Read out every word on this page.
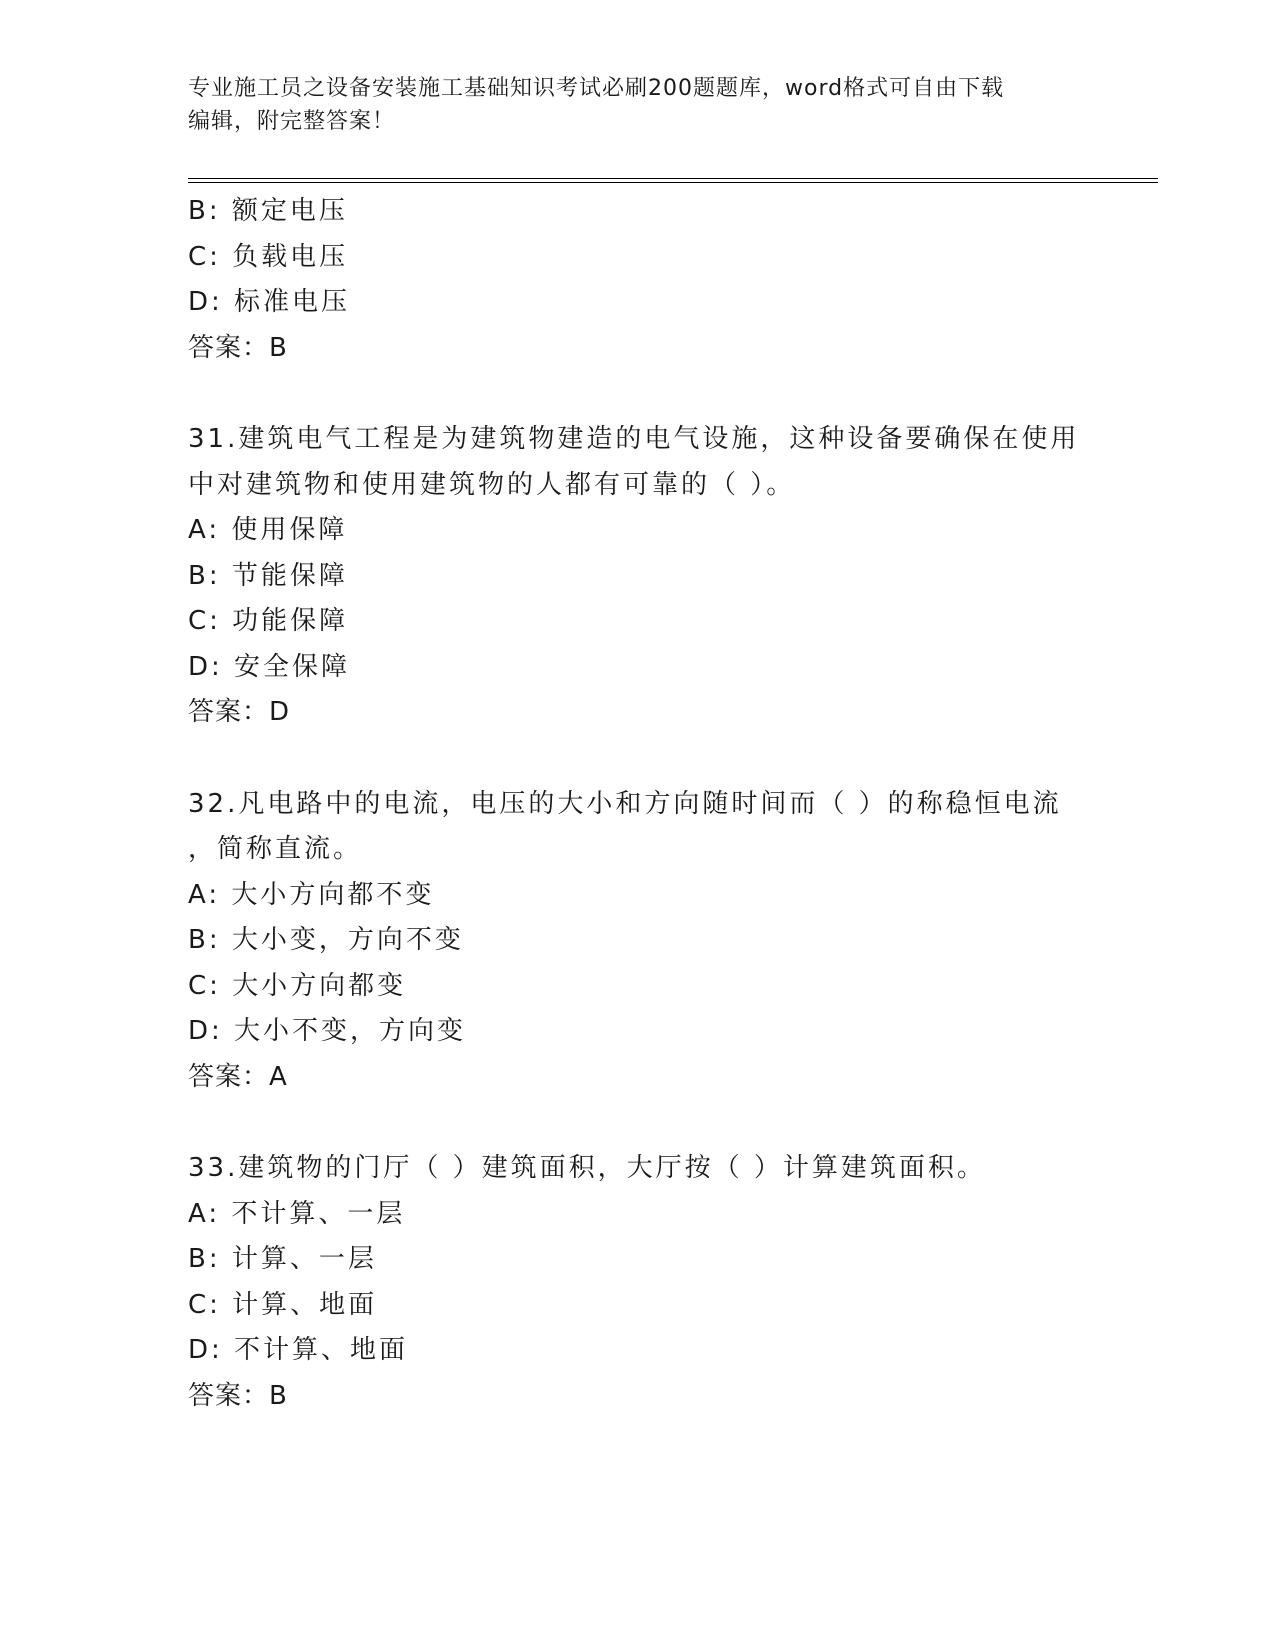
专业施工员之设备安装施工基础知识考试必刷200题题库，word格式可自由下载
编辑，附完整答案！
B: 额定电压
C: 负载电压
D: 标准电压
答案：B
31.建筑电气工程是为建筑物建造的电气设施，这种设备要确保在使用
中对建筑物和使用建筑物的人都有可靠的（ ）。
A: 使用保障
B: 节能保障
C: 功能保障
D: 安全保障
答案：D
32.凡电路中的电流，电压的大小和方向随时间而（ ）的称稳恒电流
，简称直流。
A: 大小方向都不变
B: 大小变，方向不变
C: 大小方向都变
D: 大小不变，方向变
答案：A
33.建筑物的门厅（ ）建筑面积，大厅按（ ）计算建筑面积。
A: 不计算、一层
B: 计算、一层
C: 计算、地面
D: 不计算、地面
答案：B
